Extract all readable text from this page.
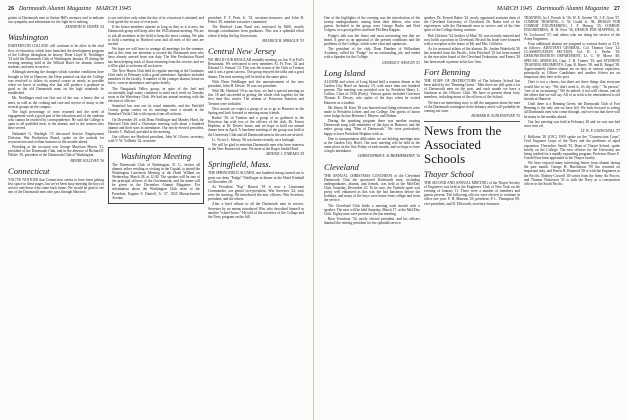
26 Dartmouth Alumni Magazine MARCH 1945

gotten of Dartmouth men in Sutton Hill's memory and to indicate our sympathy and admiration for the fight he is making.

KENNETH W. DUPÉE '24

Washington

DARTMOUTH COLLEGE will continue to be alive in the vital flow of education, which have launched the development program of the College throughout its history. Dean Lloyd K. Neidlinger '23 told the Dartmouth Club of Washington January 19 during the evening meeting held at the Willard Hotel for alumni, former students, and men in service.

Although stressing the changes which wartime conditions have brought to life in Hanover, the Dean pointed out that the College was resolved to follow its normal course as nearly as possible when we know of nothing else that will produce a graduate as good as the old Dartmouth man, on the high standards he established.

Mr. Neidlinger read our first use of the war, a heavy diet of meet, as well as the cooking and care and service of many to the several groups on the campus.

The high percentage of men returned and the need of engagement work a good part of the education and of the students who cannot be reached by correspondence. He said the College is open to all qualified men, to the alumni, and to the women who have served.

Nathaniel G. Burleigh '15 discussed Service Employment Division, War Production Board, spoke on the outlook for reconversion and civilian business in the months ahead.

Presiding at the occasion was George Morrison Morris '21, president of the Dartmouth Club, and in the absence of Richard F. Wilder '18, president of the Dartmouth Club of Washington.

HENRY SULLIVAN '36

Connecticut

YOU'VE NOTICED that Connecticut seems to have been getting less space in these pages, but we've been busy meeting the boys in service and those who came back home. We would be glad to see any of the Dartmouth men who pass through Hartford.

is our activities only when the day of its victorious is attained, and God speed the victory of everyone.

If his house members operate as long as they as it is now, the Dartmouth group will keep after the 1945 alumni meeting. We are to ask all members in the field to keep the news coming. We plan to hold a meeting in Hartford soon and all men of the area are invited.

We hope we will have to arrange all meetings for the summer, and at this time our attention is toward the Dartmouth men who have already arrived from war duty. The War Production Board has been keeping track of those returning from the service, and we will be glad to welcome all such men.

The New Haven Club held its regular meeting at the Graduates Club early in February with a good attendance. Speakers included members of the faculty. A number of the younger alumni, home on leave, were in attendance and spoke briefly.

The Naugatuck Valley group, in spite of the fuel and occasionally high water, continues to meet each week on Tuesday noon at the Waterbury Club. We had our annual meeting with the election of officers.

Stamford has sent out its usual reminder, and the Fairfield County group carries on its meetings once a month at the Stamford Yacht Club with reports from all sections.

On December 29, with Dean Neidlinger and Manley Hurd, the Hartford Club held a Christmas meeting with about a hundred alumni and their sons in attendance. Our newly elected president, Charles C. Bullard, presided at the meeting.

Our officers are Hartford president, John W. Glover, secretary, with V. W. Vollbehr '42, treasurer.

Washington Meeting

The Dartmouth Club of Washington, D. C., invites all alumni, either residing or visiting in the Capital, to attend the Washington Luncheon Meeting at the Hotel Willard on Wednesday, March 28, at 12:30. The speaker will be one of the principal officers of the Government, and his name will be given in the December Alumni Magazine. For information about the Washington Club write to the President, Eugene S. Daniell, Jr. '27, 1825 Massachusetts Avenue.

president; F. T. Pratt, Jr. '33, secretary-treasurer; and John H. Fisher '29, member executive committee.

The Hartford Loan Fund was increased by $200, mostly through contributions from graduates. This was a splendid effort where it helps the big Green team.

MAURICE B. SPRAGUE '33

Central New Jersey

WE HELD OUR REGULAR monthly meeting on Jan. 8 at Poll's Restaurant. We welcomed to new members Al. H. Foss '42 and Edward O. Stinson '13. This was the return of the Club to Trenton and it was a great success. The group enjoyed the talks and a good dinner. The next meeting will be held at the same place.

With Dean Neidlinger and the announcement of the new president, John H. Dewes '18 was our president.

With Mr. Harbord '18 as our host, we had a special meeting on Jan. 18 and succeeded in getting the whole club together for the first time this winter. The alumni of Princeton Junction and Trenton were included.

Next month we expect a group of us to go to Hanover in the Spring and look forward to meeting many friends.

Barbet '30, of Trenton and a group of us gathered in the Princeton Inn with two of the officers of the club, Dr. Ernest Hopkins, at Dr. Dewes' home, and we hope to hold our annual dinner here in April. A luncheon meeting of the group was held at the University Club and all Dartmouth men in the area are invited.

Lt. Victor L. Sebury '36 was home recently on a furlough.

We will be glad to entertain Dartmouth men who have interests in the New Brunswick area. We meet at the Roger Smith Hotel.

ARTHUR J. O'MEARA '29

Springfield, Mass.

THE SPRINGFIELD ALUMNI, one hundred strong, turned out to greet our dean "Fudge" Neidlinger at dinner at the Hotel Kimball on December 28.

As President "Pop" Barrett '18 is now a Lieutenant Commander, our genial vice-president, Win Sweetser '24, took over the meeting. He introduced the new officers: Win Sweetser, president; and the others.

After a brief tribute to all the Dartmouth men in service, Sweetser by no means introduced Win, who described himself as another "wheel-horse." He told of the activities of the College and the Navy program on the hill.

MARCH 1945 Dartmouth Alumni Magazine 27

One of the highlights of the evening was the introduction of the twenty undergraduates, among them their fathers, who were guests. Included in the group were George Burke and Fred Lidgren, two good golfers and both Phi Beta Kappas.

Fudge's talk was the finest and most interesting one that we heard. It gave us an appraisal of the present conditions and the problems of the College, which were clear and optimistic.

The president of the club, Dean Flanders of Wilbraham Academy, called for "Fudge" for an outstanding job, and ended with a Speaker for the College.

GEORGE F. WESTON '23

Long Island

ALUMNI and wives of Long Island held a reunion dinner at the Garden City Hotel on January 19, with more than one hundred present. The meeting was presided over by President Henry L. Collins, Class of 1936 (Parry). Various guests included Governor Thomas E. Dewey, who spoke of the days when he visited Hanover as a student.

Mr. Henry M. Kent '28 was honored and fitting references were made to President Lehrer, and our College. Our guests of honor were Judge Justice Bertram J. Meyers, and Brehm.

During the speaking program there was another rousing Dartmouth song with reminders of the days in Hanover, and the entire group sang "Men of Dartmouth." We were particularly happy to have President Hopkins with us.

Due to transportation difficulties we are holding meetings now at the Garden City Hotel. Our next meeting will be held at the same place on the first Friday of each month, and we hope to have a larger attendance.

CHRISTOPHER E. SCHERMERHORN '16

Cleveland

THE ANNUAL CHRISTMAS LUNCHEON of the Cleveland Dartmouth Club the sponsored Dartmouth men, including undergraduates, alumni, and friends, was held at the Mid-Day Club, Saturday, December 23. To be sure, the Yuletide spirit was pretty well enhanced as this was the last luncheon before the holidays, and many of the boys were home from college and from the service.

The Cleveland Club holds a meeting each month with a speaker. The next will be held Saturday, March 17, at the Mid-Day Club. Eighty men were present at the last meeting.

Ross Treadway '34, newly elected president, and his officers thanked the retiring president for his splendid service.

speaker, Dr. Everett Baker '24, newly appointed assistant dean of the Cleveland University of Cleveland. Dr. Baker told of his experiences with the Dartmouth men in service and of the fine spirit of the College during wartime.

Bob Gilchrist '34, brother of Matt '30, was recently married and now holds a position in Cleveland. He and his bride were honored with a reception at the home of Mr. and Mrs. Gilchrist.

As for personal affairs of the alumni, Dr. Jordan Wakefield '20 has returned from the Pacific, John Pritchard '25 has been named to the executive board of the Cleveland Federation, and Ernest '28 has been made a partner in his law firm.

Fort Benning

THE STAFF OF INSTRUCTORS of The Infantry School has been aided by the "Benning Green." Men there are still quite a lot of Dartmouth men on the post, and each month we have a luncheon at the Officers' Club. We have at present about forty members, including many of the officers of the School.

We have an interesting story to tell the magazine about the men of the Dartmouth contingent in the Infantry and it will probably be coming out soon.

HOWARD B. SCHOONOVER '35

News from the Associated Schools
Thayer School

THE SECOND AND ANNUAL MEETING of the Thayer Society of Engineers was held at the Engineers' Club of New York on the evening of January 11. There were a number of members and guests present. The following officers were elected to continue in office one year: F. H. Munson '29, president; P. L. Thompson '09, vice-president; and H. Ellsworth, secretary-treasurer.

TRAINING, by J. French Jr. '36, W. E. Greene '35, J. E. Gore '37, COMBAT TRAINING, C. W. Gould Jr. '38; DESIGN FOR COMBAT ENGINEERING, J. F. Herzog '35; COMBAT ENGINEERING, H. H. Kerr '36; DESIGN FOR MAPPING, H. W. Lockwood '37; and others who are doing the service of the Army Engineers.

Four additional alumni are assigned to various duties at T.I.S. as follows: ADJUTANT GENERAL, Col. Thomas Gray '12; CLASSIFICATION SECTION, Col. H. L. Peeler '19; DEMONSTRATION DEPARTMENT, Lt. C. W. Morse '40; SPECIAL SERVICES, Capt. J. B. Trainer '35; and STUDENT TRAINING REGIMENTS, Capt. R. Harris '38, and R. Reigel '38. Approximately fifteen alumni are on duty in various capacities, principally as Officer Candidates and another fifteen are on temporary duty here at the post.

Ours is not a chorus, but there are three things that everyone would like to say: "We don't need it, it's dry only," "In person," "one of us on morning." We do indeed, if not well chosen, and all the others that we will say. All of us wish to be remembered to old friends at Hanover.

Until there is a Benning Green, the Dartmouth Club of Fort Benning is the only one we have left. We look forward to seeing all Dartmouth men who come through, and we trust that there will be many in the months ahead.

Our last meeting was held at February 28 and we saw one bad actor sent off.

LT. W. F. GODSCHALL '37

J. Halloran '20 (CEC) USN spoke on the "Construction Corps" Civil Engineer Corps of the Navy and the problems of rapid expansion. Thereafter, Smith '35, Dean of Thayer School, spoke briefly on the College. The new officers for the University are being readied for a rapidly expanding program. Professor Bruce E. Goodell has been appointed to the Thayer faculty.

We have enjoyed many interesting letters from alumni during the past month. George H. Hutchinson '09 has returned on important duty, and Ernest R. Brainerd '38 is with the Engineers in the Pacific. Rodney Crowell '40 writes from the Army Air Forces, and Thomas Nickerson '41 is with the Navy as a construction officer in the South Pacific.
